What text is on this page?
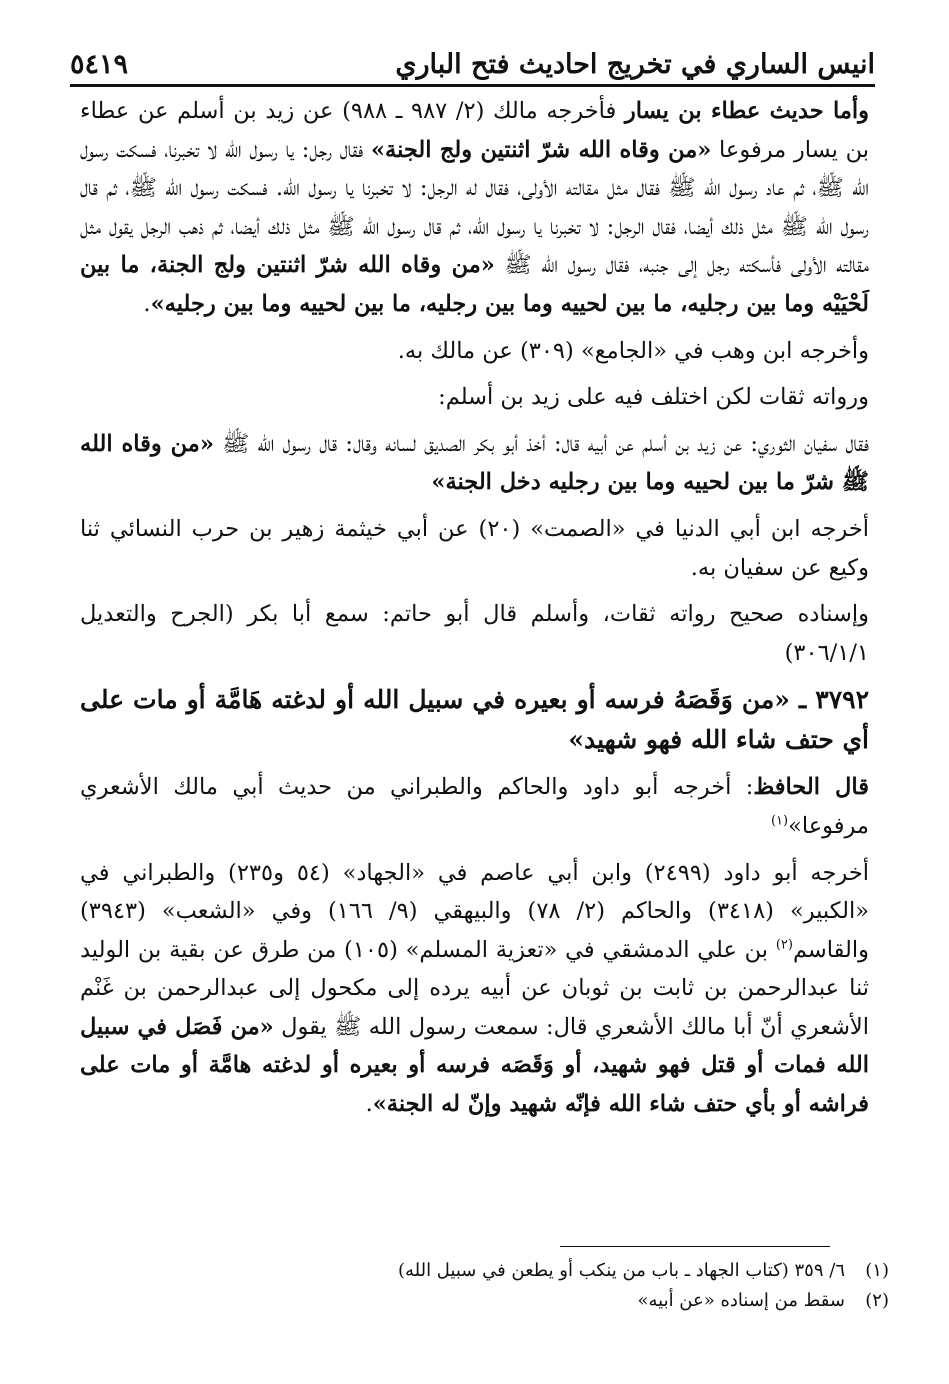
انيس الساري في تخريج احاديث فتح الباري
٥٤١٩

وأما حديث عطاء بن يسار فأخرجه مالك (٢/ ٩٨٧ ـ ٩٨٨) عن زيد بن أسلم عن عطاء بن يسار مرفوعا «من وقاه الله شرّ اثنتين ولج الجنة» فقال رجل: يا رسول الله لا تخبرنا، فسكت رسول الله ﷺ، ثم عاد رسول الله ﷺ فقال مثل مقالته الأولى، فقال له الرجل: لا تخبرنا يا رسول الله. فسكت رسول الله ﷺ، ثم قال رسول الله ﷺ مثل ذلك أيضا، فقال الرجل: لا تخبرنا يا رسول الله، ثم قال رسول الله ﷺ مثل ذلك أيضا، ثم ذهب الرجل يقول مثل مقالته الأولى فأسكته رجل إلى جنبه، فقال رسول الله ﷺ «من وقاه الله شرّ اثنتين ولج الجنة، ما بين لَحْيَيْه وما بين رجليه، ما بين لحييه وما بين رجليه، ما بين لحييه وما بين رجليه».

وأخرجه ابن وهب في «الجامع» (٣٠٩) عن مالك به.

ورواته ثقات لكن اختلف فيه على زيد بن أسلم:

فقال سفيان الثوري: عن زيد بن أسلم عن أبيه قال: أخذ أبو بكر الصديق لسانه وقال: قال رسول الله ﷺ «من وقاه الله ﷺ شرّ ما بين لحييه وما بين رجليه دخل الجنة»

أخرجه ابن أبي الدنيا في «الصمت» (٢٠) عن أبي خيثمة زهير بن حرب النسائي ثنا وكيع عن سفيان به.

وإسناده صحيح رواته ثقات، وأسلم قال أبو حاتم: سمع أبا بكر (الجرح والتعديل ٣٠٦/١/١)

٣٧٩٢ ـ «من وَقَصَهُ فرسه أو بعيره في سبيل الله أو لدغته هَامَّة أو مات على أي حتف شاء الله فهو شهيد»

قال الحافظ: أخرجه أبو داود والحاكم والطبراني من حديث أبي مالك الأشعري مرفوعا»$^{(١)}$

أخرجه أبو داود (٢٤٩٩) وابن أبي عاصم في «الجهاد» (٥٤ و٢٣٥) والطبراني في «الكبير» (٣٤١٨) والحاكم (٢/ ٧٨) والبيهقي (٩/ ١٦٦) وفي «الشعب» (٣٩٤٣) والقاسم$^{(٢)}$ بن علي الدمشقي في «تعزية المسلم» (١٠٥) من طرق عن بقية بن الوليد ثنا عبدالرحمن بن ثابت بن ثوبان عن أبيه يرده إلى مكحول إلى عبدالرحمن بن غَنْم الأشعري أنّ أبا مالك الأشعري قال: سمعت رسول الله ﷺ يقول «من فَصَل في سبيل الله فمات أو قتل فهو شهيد، أو وَقَصَه فرسه أو بعيره أو لدغته هامَّة أو مات على فراشه أو بأي حتف شاء الله فإنّه شهيد وإنّ له الجنة».

(١)
٦/ ٣٥٩ (كتاب الجهاد ـ باب من ينكب أو يطعن في سبيل الله)
(٢)
سقط من إسناده «عن أبيه»
